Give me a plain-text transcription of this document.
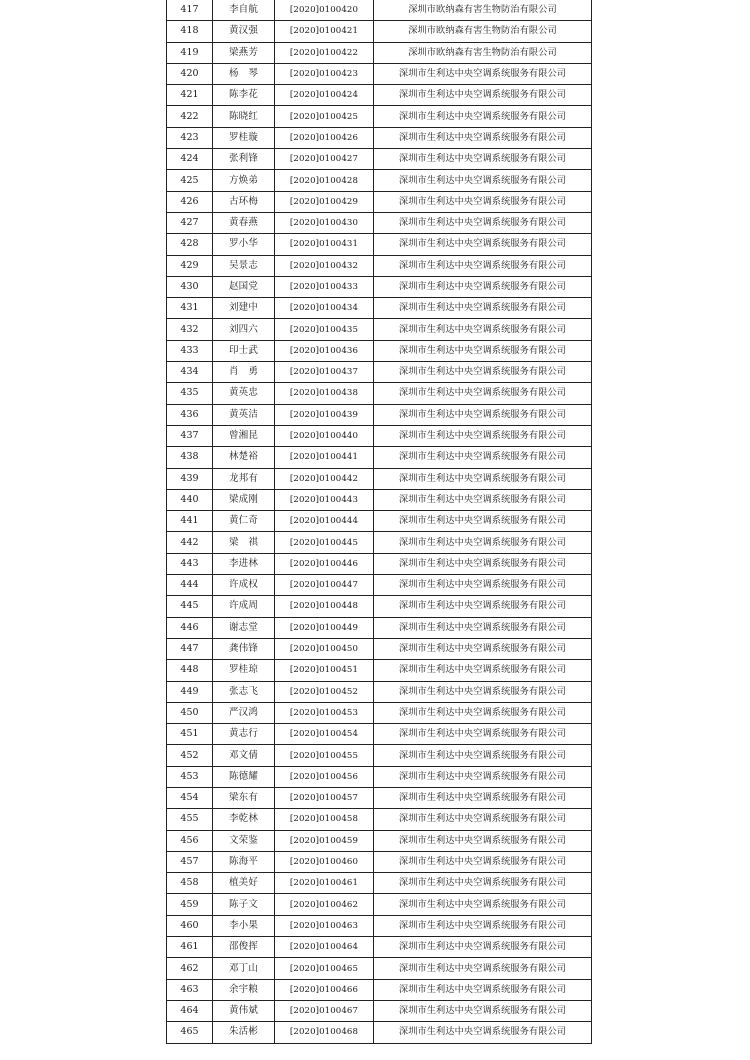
417	李自航	[2020]0100420	深圳市欧纳森有害生物防治有限公司
418	黄汉强	[2020]0100421	深圳市欧纳森有害生物防治有限公司
419	梁燕芳	[2020]0100422	深圳市欧纳森有害生物防治有限公司
420	杨　琴	[2020]0100423	深圳市生利达中央空调系统服务有限公司
421	陈李花	[2020]0100424	深圳市生利达中央空调系统服务有限公司
422	陈晓红	[2020]0100425	深圳市生利达中央空调系统服务有限公司
423	罗桂璇	[2020]0100426	深圳市生利达中央空调系统服务有限公司
424	张利锋	[2020]0100427	深圳市生利达中央空调系统服务有限公司
425	方焕弟	[2020]0100428	深圳市生利达中央空调系统服务有限公司
426	古环梅	[2020]0100429	深圳市生利达中央空调系统服务有限公司
427	黄春燕	[2020]0100430	深圳市生利达中央空调系统服务有限公司
428	罗小华	[2020]0100431	深圳市生利达中央空调系统服务有限公司
429	吴景志	[2020]0100432	深圳市生利达中央空调系统服务有限公司
430	赵国党	[2020]0100433	深圳市生利达中央空调系统服务有限公司
431	刘建中	[2020]0100434	深圳市生利达中央空调系统服务有限公司
432	刘四六	[2020]0100435	深圳市生利达中央空调系统服务有限公司
433	印士武	[2020]0100436	深圳市生利达中央空调系统服务有限公司
434	肖　勇	[2020]0100437	深圳市生利达中央空调系统服务有限公司
435	黄英忠	[2020]0100438	深圳市生利达中央空调系统服务有限公司
436	黄英洁	[2020]0100439	深圳市生利达中央空调系统服务有限公司
437	曾湘昆	[2020]0100440	深圳市生利达中央空调系统服务有限公司
438	林楚裕	[2020]0100441	深圳市生利达中央空调系统服务有限公司
439	龙邦有	[2020]0100442	深圳市生利达中央空调系统服务有限公司
440	梁成刚	[2020]0100443	深圳市生利达中央空调系统服务有限公司
441	黄仁奇	[2020]0100444	深圳市生利达中央空调系统服务有限公司
442	梁　祺	[2020]0100445	深圳市生利达中央空调系统服务有限公司
443	李进林	[2020]0100446	深圳市生利达中央空调系统服务有限公司
444	许成权	[2020]0100447	深圳市生利达中央空调系统服务有限公司
445	许成周	[2020]0100448	深圳市生利达中央空调系统服务有限公司
446	谢志堂	[2020]0100449	深圳市生利达中央空调系统服务有限公司
447	龚伟锋	[2020]0100450	深圳市生利达中央空调系统服务有限公司
448	罗桂琼	[2020]0100451	深圳市生利达中央空调系统服务有限公司
449	张志飞	[2020]0100452	深圳市生利达中央空调系统服务有限公司
450	严汉鸿	[2020]0100453	深圳市生利达中央空调系统服务有限公司
451	黄志行	[2020]0100454	深圳市生利达中央空调系统服务有限公司
452	邓文倩	[2020]0100455	深圳市生利达中央空调系统服务有限公司
453	陈德耀	[2020]0100456	深圳市生利达中央空调系统服务有限公司
454	梁东有	[2020]0100457	深圳市生利达中央空调系统服务有限公司
455	李乾林	[2020]0100458	深圳市生利达中央空调系统服务有限公司
456	文荣鉴	[2020]0100459	深圳市生利达中央空调系统服务有限公司
457	陈海平	[2020]0100460	深圳市生利达中央空调系统服务有限公司
458	植美好	[2020]0100461	深圳市生利达中央空调系统服务有限公司
459	陈子文	[2020]0100462	深圳市生利达中央空调系统服务有限公司
460	李小果	[2020]0100463	深圳市生利达中央空调系统服务有限公司
461	邵俊挥	[2020]0100464	深圳市生利达中央空调系统服务有限公司
462	邓丁山	[2020]0100465	深圳市生利达中央空调系统服务有限公司
463	余宇粮	[2020]0100466	深圳市生利达中央空调系统服务有限公司
464	黄伟斌	[2020]0100467	深圳市生利达中央空调系统服务有限公司
465	朱活彬	[2020]0100468	深圳市生利达中央空调系统服务有限公司
